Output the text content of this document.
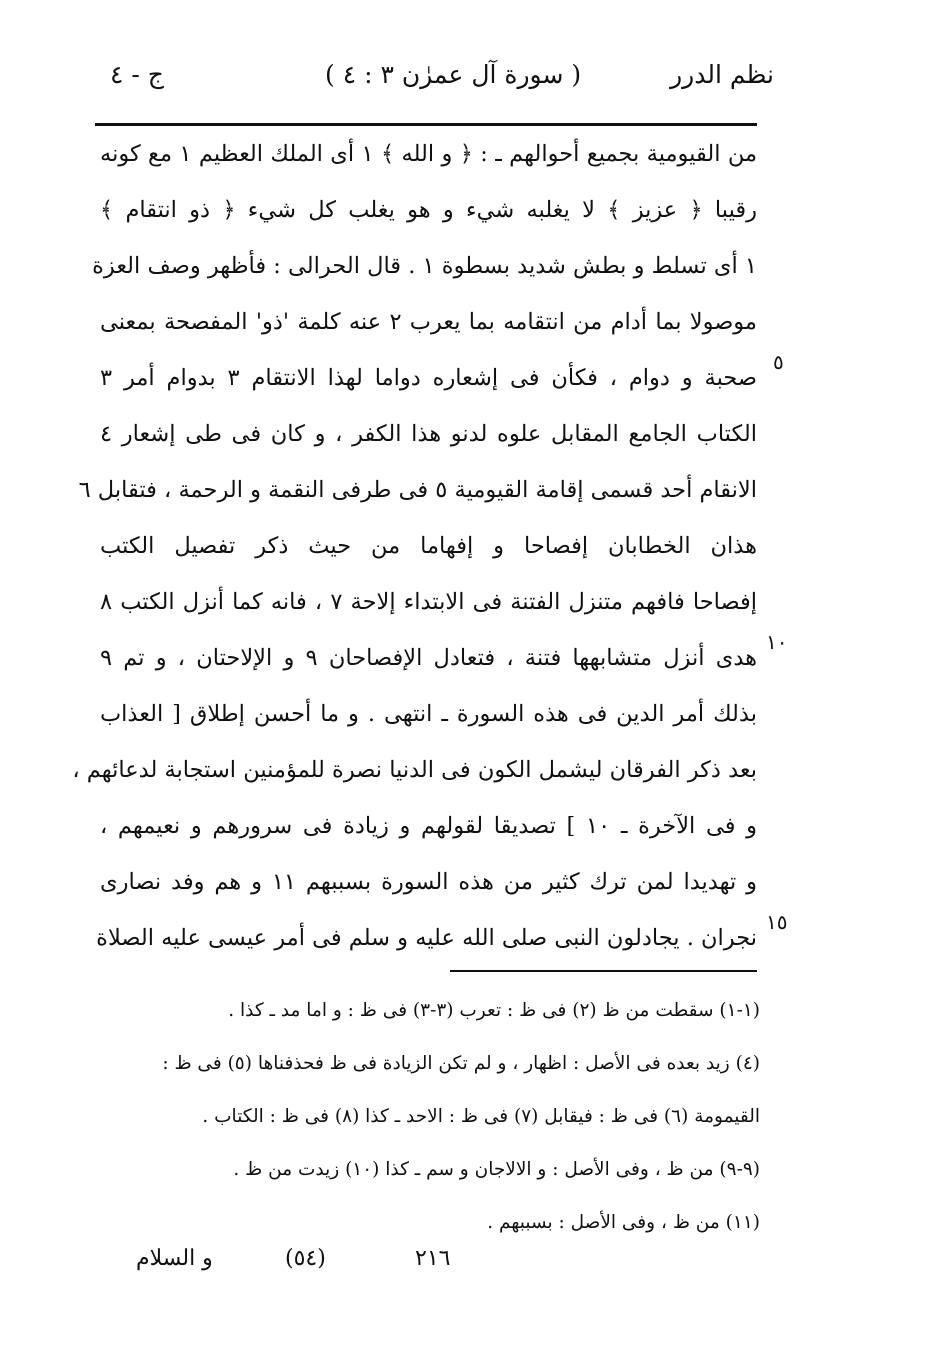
نظم الدرر
( سورة آل عمرٰن ٣ : ٤ )
ج - ٤
من القيومية بجميع أحوالهم ـ : ﴿ و الله ﴾ ١ أى الملك العظيم ١ مع كونه
رقيبا ﴿ عزيز ﴾ لا يغلبه شيء و هو يغلب كل شيء ﴿ ذو انتقام ﴾
١ أى تسلط و بطش شديد بسطوة ١ . قال الحرالى : فأظهر وصف العزة
موصولا بما أدام من انتقامه بما يعرب ٢ عنه كلمة 'ذو' المفصحة بمعنى
صحبة و دوام ، فكأن فى إشعاره دواما لهذا الانتقام ٣ بدوام أمر ٣
الكتاب الجامع المقابل علوه لدنو هذا الكفر ، و كان فى طى إشعار ٤
الانقام أحد قسمى إقامة القيومية ٥ فى طرفى النقمة و الرحمة ، فتقابل ٦
هذان الخطابان إفصاحا و إفهاما من حيث ذكر تفصيل الكتب
إفصاحا فافهم متنزل الفتنة فى الابتداء إلاحة ٧ ، فانه كما أنزل الكتب ٨
هدى أنزل متشابهها فتنة ، فتعادل الإفصاحان ٩ و الإلاحتان ، و تم ٩
بذلك أمر الدين فى هذه السورة ـ انتهى . و ما أحسن إطلاق [ العذاب
بعد ذكر الفرقان ليشمل الكون فى الدنيا نصرة للمؤمنين استجابة لدعائهم ،
و فى الآخرة ـ ١٠ ] تصديقا لقولهم و زيادة فى سرورهم و نعيمهم ،
و تهديدا لمن ترك كثير من هذه السورة بسببهم ١١ و هم وفد نصارى
نجران . يجادلون النبى صلى الله عليه و سلم فى أمر عيسى عليه الصلاة
٥
١٠
١٥
(١-١) سقطت من ظ (٢) فى ظ : تعرب (٣-٣) فى ظ : و اما مد ـ كذا .
(٤) زيد بعده فى الأصل : اظهار ، و لم تكن الزيادة فى ظ فحذفناها (٥) فى ظ :
القيمومة (٦) فى ظ : فيقابل (٧) فى ظ : الاحد ـ كذا (٨) فى ظ : الكتاب .
(٩-٩) من ظ ، وفى الأصل : و الالاجان و سم ـ كذا (١٠) زيدت من ظ .
(١١) من ظ ، وفى الأصل : بسببهم .
و السلام	(٥٤)	٢١٦
